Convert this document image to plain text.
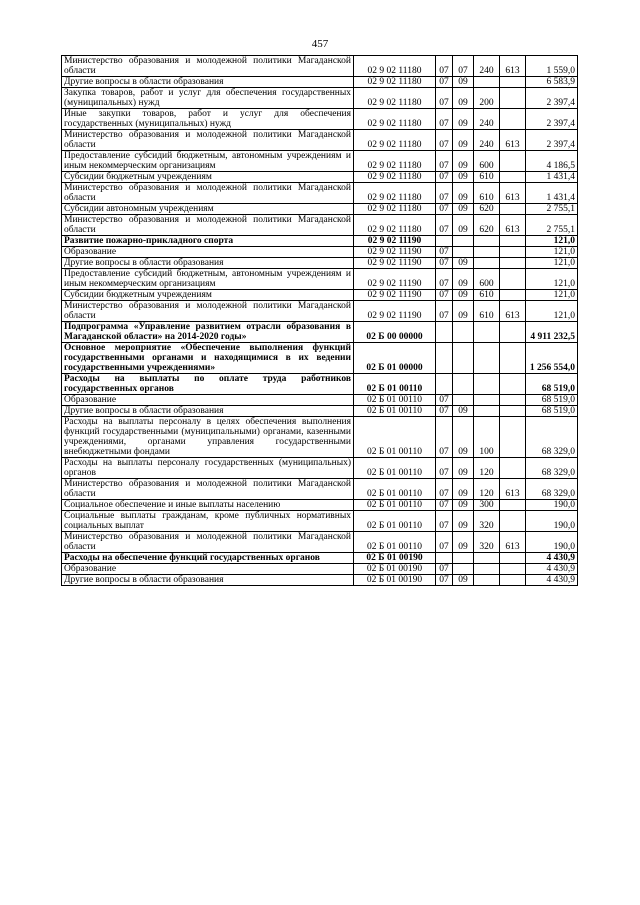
457
Министерство образования и молодежной политики Магаданской области	02 9 02 11180	07	07	240	613	1 559,0
Другие вопросы в области образования	02 9 02 11180	07	09			6 583,9
Закупка товаров, работ и услуг для обеспечения государственных (муниципальных) нужд	02 9 02 11180	07	09	200		2 397,4
Иные закупки товаров, работ и услуг для обеспечения государственных (муниципальных) нужд	02 9 02 11180	07	09	240		2 397,4
Министерство образования и молодежной политики Магаданской области	02 9 02 11180	07	09	240	613	2 397,4
Предоставление субсидий бюджетным, автономным учреждениям и иным некоммерческим организациям	02 9 02 11180	07	09	600		4 186,5
Субсидии бюджетным учреждениям	02 9 02 11180	07	09	610		1 431,4
Министерство образования и молодежной политики Магаданской области	02 9 02 11180	07	09	610	613	1 431,4
Субсидии автономным учреждениям	02 9 02 11180	07	09	620		2 755,1
Министерство образования и молодежной политики Магаданской области	02 9 02 11180	07	09	620	613	2 755,1
Развитие пожарно-прикладного спорта	02 9 02 11190					121,0
Образование	02 9 02 11190	07				121,0
Другие вопросы в области образования	02 9 02 11190	07	09			121,0
Предоставление субсидий бюджетным, автономным учреждениям и иным некоммерческим организациям	02 9 02 11190	07	09	600		121,0
Субсидии бюджетным учреждениям	02 9 02 11190	07	09	610		121,0
Министерство образования и молодежной политики Магаданской области	02 9 02 11190	07	09	610	613	121,0
Подпрограмма «Управление развитием отрасли образования в Магаданской области» на 2014-2020 годы»	02 Б 00 00000					4 911 232,5
Основное мероприятие «Обеспечение выполнения функций государственными органами и находящимися в их ведении государственными учреждениями»	02 Б 01 00000					1 256 554,0
Расходы на выплаты по оплате труда работников государственных органов	02 Б 01 00110					68 519,0
Образование	02 Б 01 00110	07				68 519,0
Другие вопросы в области образования	02 Б 01 00110	07	09			68 519,0
Расходы на выплаты персоналу в целях обеспечения выполнения функций государственными (муниципальными) органами, казенными учреждениями, органами управления государственными внебюджетными фондами	02 Б 01 00110	07	09	100		68 329,0
Расходы на выплаты персоналу государственных (муниципальных) органов	02 Б 01 00110	07	09	120		68 329,0
Министерство образования и молодежной политики Магаданской области	02 Б 01 00110	07	09	120	613	68 329,0
Социальное обеспечение и иные выплаты населению	02 Б 01 00110	07	09	300		190,0
Социальные выплаты гражданам, кроме публичных нормативных социальных выплат	02 Б 01 00110	07	09	320		190,0
Министерство образования и молодежной политики Магаданской области	02 Б 01 00110	07	09	320	613	190,0
Расходы на обеспечение функций государственных органов	02 Б 01 00190					4 430,9
Образование	02 Б 01 00190	07				4 430,9
Другие вопросы в области образования	02 Б 01 00190	07	09			4 430,9
